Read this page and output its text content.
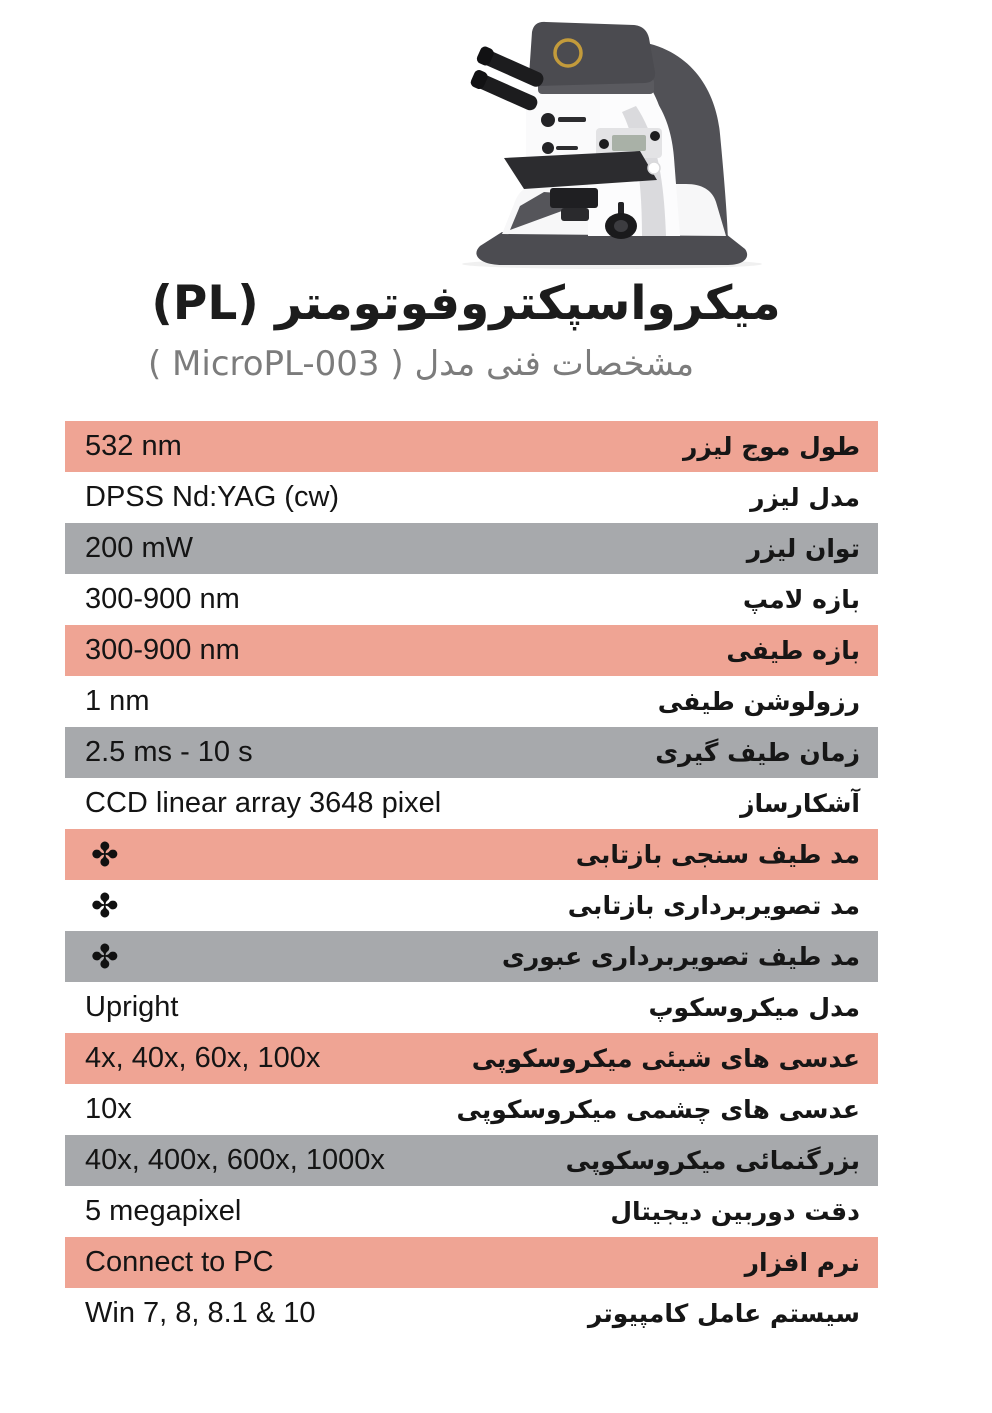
میکرواسپکتروفوتومتر (PL)
مشخصات فنی مدل ( MicroPL-003 )
532 nm	طول موج لیزر
DPSS Nd:YAG (cw)	مدل لیزر
200 mW	توان لیزر
300-900 nm	بازه لامپ
300-900 nm	بازه طیفی
1 nm	رزولوشن طیفی
2.5 ms - 10 s	زمان طیف گیری
CCD linear array 3648 pixel	آشکارساز
✤	مد طیف سنجی بازتابی
✤	مد تصویربرداری بازتابی
✤	مد طیف تصویربرداری عبوری
Upright	مدل میکروسکوپ
4x, 40x, 60x, 100x	عدسی های شیئی میکروسکوپی
10x	عدسی های چشمی میکروسکوپی
40x, 400x, 600x, 1000x	بزرگنمائی میکروسکوپی
5 megapixel	دقت دوربین دیجیتال
Connect to PC	نرم افزار
Win 7, 8, 8.1 & 10	سیستم عامل کامپیوتر
